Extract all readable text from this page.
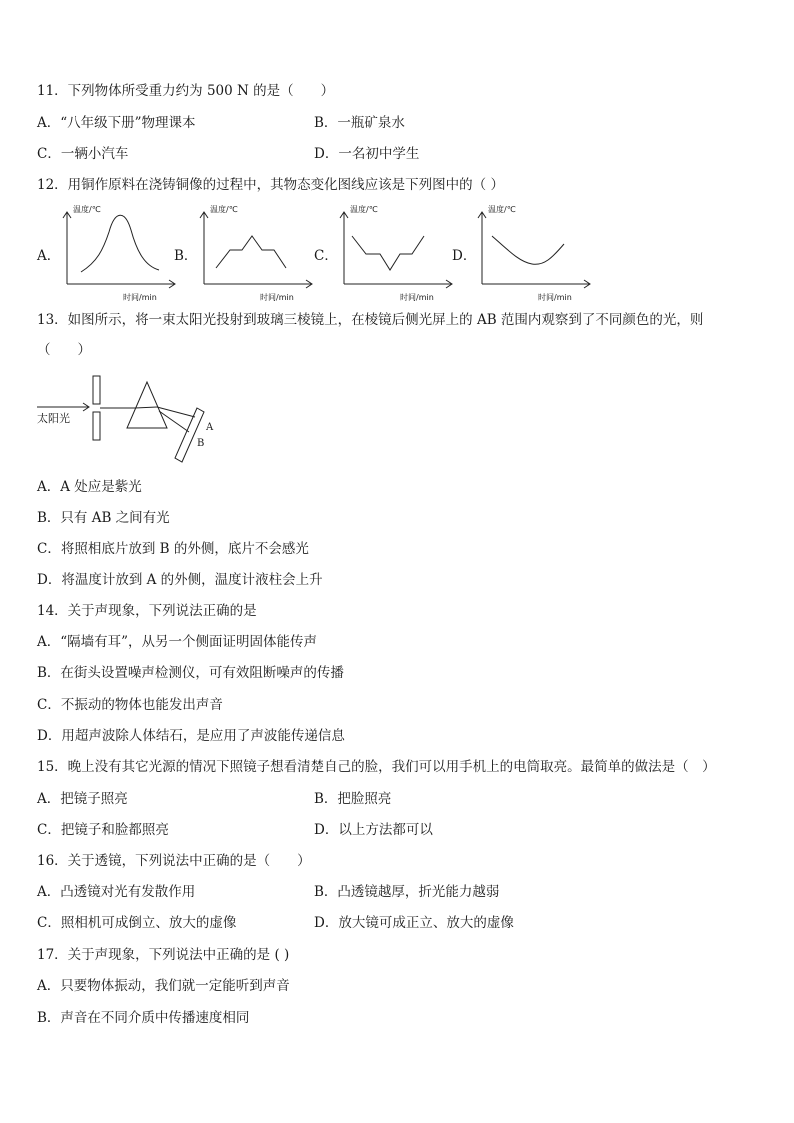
11．下列物体所受重力约为 500 N 的是（　　）
A．“八年级下册”物理课本	B．一瓶矿泉水
C．一辆小汽车	D．一名初中学生
12．用铜作原料在浇铸铜像的过程中，其物态变化图线应该是下列图中的（ ）
A．
温度/℃
时间/min
B．
温度/℃
时间/min
C．
温度/℃
时间/min
D．
温度/℃
时间/min
13．如图所示，将一束太阳光投射到玻璃三棱镜上，在棱镜后侧光屏上的 AB 范围内观察到了不同颜色的光，则
（　　）
太阳光
A
B
A．A 处应是紫光
B．只有 AB 之间有光
C．将照相底片放到 B 的外侧，底片不会感光
D．将温度计放到 A 的外侧，温度计液柱会上升
14．关于声现象，下列说法正确的是
A．“隔墙有耳”，从另一个侧面证明固体能传声
B．在街头设置噪声检测仪，可有效阻断噪声的传播
C．不振动的物体也能发出声音
D．用超声波除人体结石，是应用了声波能传递信息
15．晚上没有其它光源的情况下照镜子想看清楚自己的脸，我们可以用手机上的电筒取亮。最简单的做法是（　）
A．把镜子照亮	B．把脸照亮
C．把镜子和脸都照亮	D．以上方法都可以
16．关于透镜，下列说法中正确的是（　　）
A．凸透镜对光有发散作用	B．凸透镜越厚，折光能力越弱
C．照相机可成倒立、放大的虚像	D．放大镜可成正立、放大的虚像
17．关于声现象，下列说法中正确的是 ( )
A．只要物体振动，我们就一定能听到声音
B．声音在不同介质中传播速度相同
